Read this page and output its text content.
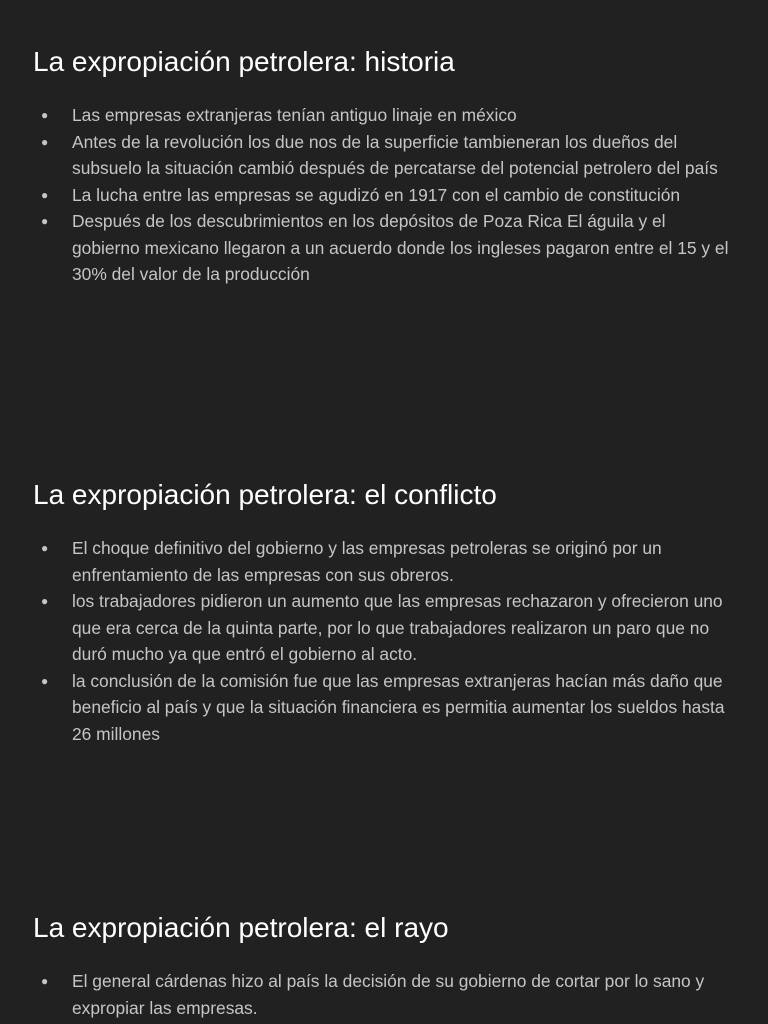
La expropiación petrolera: historia
● Las empresas extranjeras tenían antiguo linaje en méxico
● Antes de la revolución los due nos de la superficie tambieneran los dueños del subsuelo la situación cambió después de percatarse del potencial petrolero del país
● La lucha entre las empresas se agudizó en 1917 con el cambio de constitución
● Después de los descubrimientos en los depósitos de Poza Rica El águila y el gobierno mexicano llegaron a un acuerdo donde los ingleses pagaron entre el 15 y el 30% del valor de la producción
La expropiación petrolera: el conflicto
● El choque definitivo del gobierno y las empresas petroleras se originó por un enfrentamiento de las empresas con sus obreros.
● los trabajadores pidieron un aumento que las empresas rechazaron y ofrecieron uno que era cerca de la quinta parte, por lo que trabajadores realizaron un paro que no duró mucho ya que entró el gobierno al acto.
● la conclusión de la comisión fue que las empresas extranjeras hacían más daño que beneficio al país y que la situación financiera es permitia aumentar los sueldos hasta 26 millones
La expropiación petrolera: el rayo
● El general cárdenas hizo al país la decisión de su gobierno de cortar por lo sano y expropiar las empresas.
